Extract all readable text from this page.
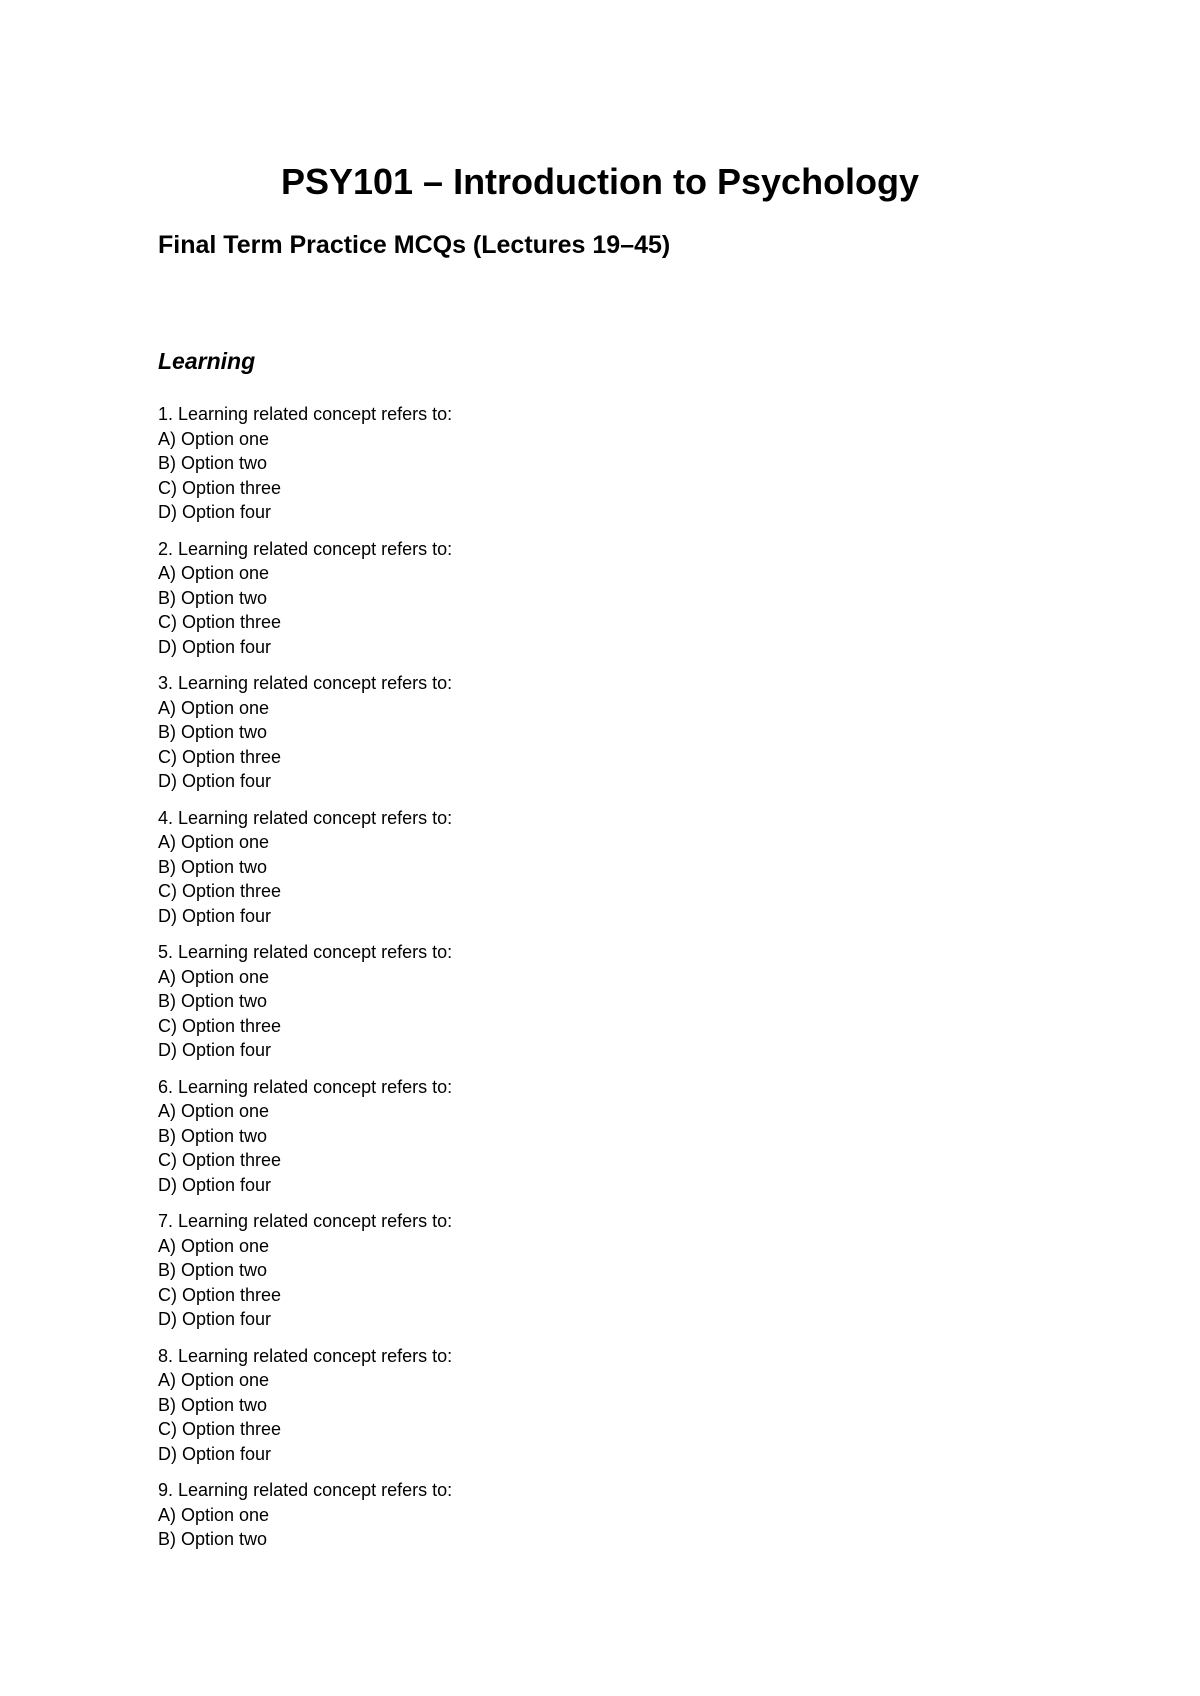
PSY101 – Introduction to Psychology
Final Term Practice MCQs (Lectures 19–45)
Learning
1. Learning related concept refers to:
A) Option one
B) Option two
C) Option three
D) Option four
2. Learning related concept refers to:
A) Option one
B) Option two
C) Option three
D) Option four
3. Learning related concept refers to:
A) Option one
B) Option two
C) Option three
D) Option four
4. Learning related concept refers to:
A) Option one
B) Option two
C) Option three
D) Option four
5. Learning related concept refers to:
A) Option one
B) Option two
C) Option three
D) Option four
6. Learning related concept refers to:
A) Option one
B) Option two
C) Option three
D) Option four
7. Learning related concept refers to:
A) Option one
B) Option two
C) Option three
D) Option four
8. Learning related concept refers to:
A) Option one
B) Option two
C) Option three
D) Option four
9. Learning related concept refers to:
A) Option one
B) Option two
